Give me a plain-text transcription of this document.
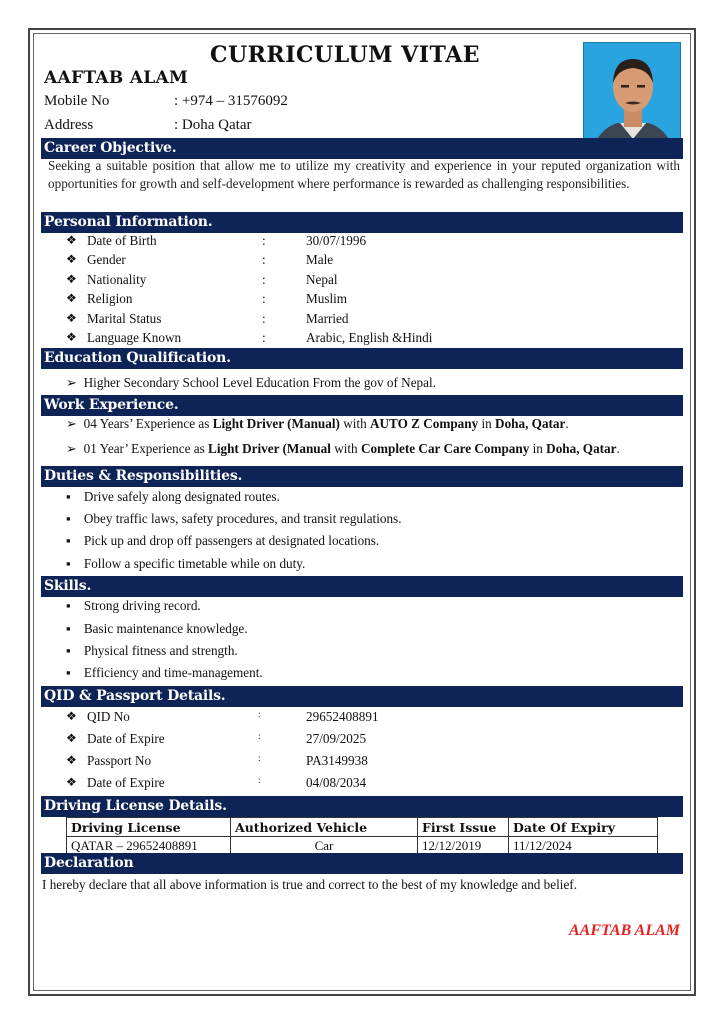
CURRICULUM VITAE
AAFTAB ALAM
Mobile No	: +974 – 31576092
Address	: Doha Qatar
Career Objective.
Seeking a suitable position that allow me to utilize my creativity and experience in your reputed organization with opportunities for growth and self-development where performance is rewarded as challenging responsibilities.
Personal Information.
❖ Date of Birth	:	30/07/1996
❖ Gender	:	Male
❖ Nationality	:	Nepal
❖ Religion	:	Muslim
❖ Marital Status	:	Married
❖ Language Known	:	Arabic, English &Hindi
Education Qualification.
➢ Higher Secondary School Level Education From the gov of Nepal.
Work Experience.
➢ 04 Years’ Experience as Light Driver (Manual) with AUTO Z Company in Doha, Qatar.
➢ 01 Year’ Experience as Light Driver (Manual with Complete Car Care Company in Doha, Qatar.
Duties & Responsibilities.
▪ Drive safely along designated routes.
▪ Obey traffic laws, safety procedures, and transit regulations.
▪ Pick up and drop off passengers at designated locations.
▪ Follow a specific timetable while on duty.
Skills.
▪ Strong driving record.
▪ Basic maintenance knowledge.
▪ Physical fitness and strength.
▪ Efficiency and time-management.
QID & Passport Details.
❖ QID No	:	29652408891
❖ Date of Expire	:	27/09/2025
❖ Passport No	:	PA3149938
❖ Date of Expire	:	04/08/2034
Driving License Details.
Driving License	Authorized Vehicle	First Issue	Date Of Expiry
QATAR – 29652408891	Car	12/12/2019	11/12/2024
Declaration
I hereby declare that all above information is true and correct to the best of my knowledge and belief.
AAFTAB ALAM
